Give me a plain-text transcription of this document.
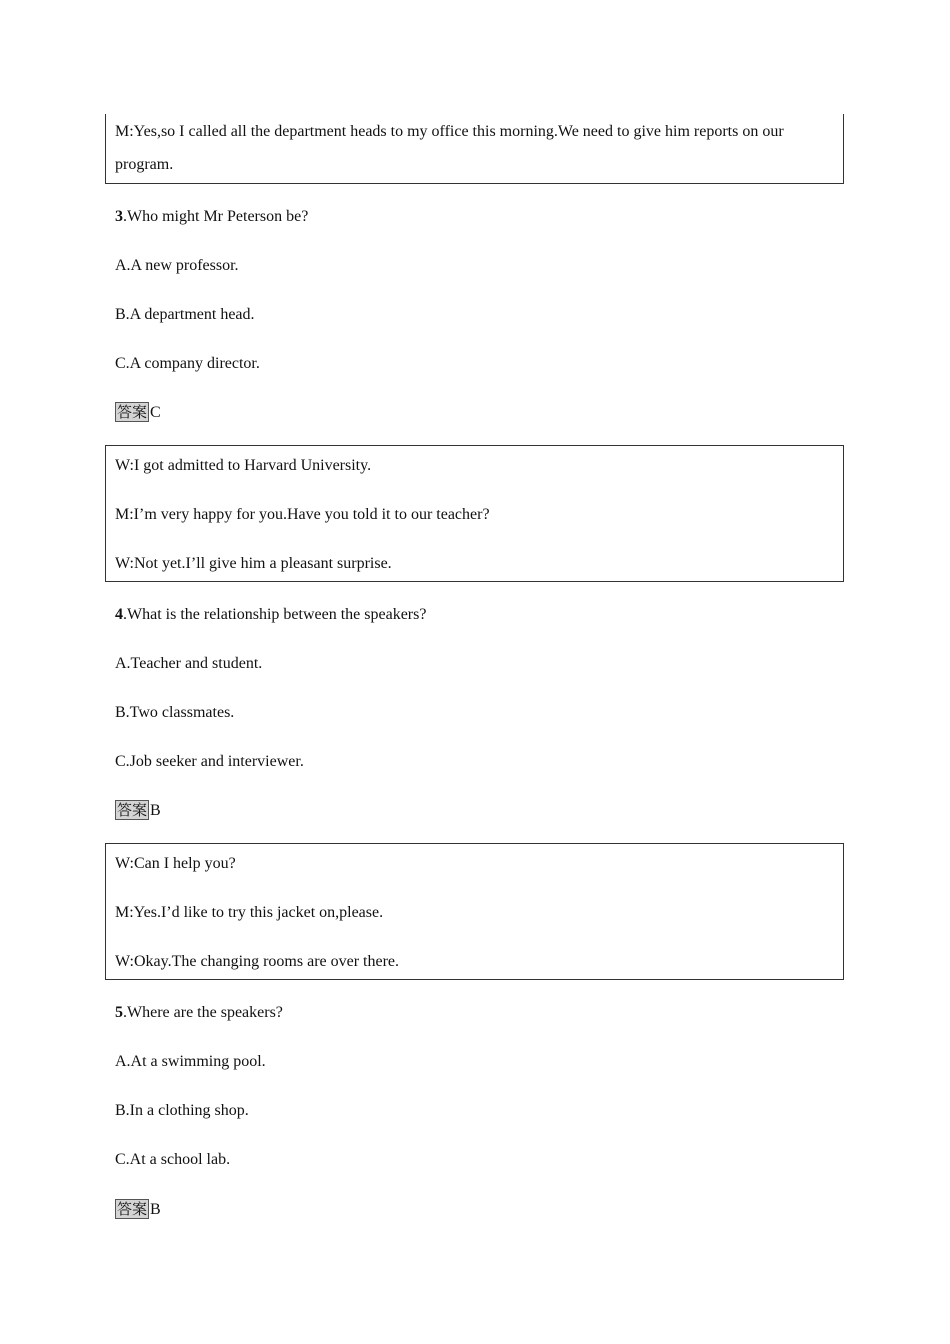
M:Yes,so I called all the department heads to my office this morning.We need to give him reports on our
program.
3.Who might Mr Peterson be?
A.A new professor.
B.A department head.
C.A company director.
答案 C
W:I got admitted to Harvard University.
M:I’m very happy for you.Have you told it to our teacher?
W:Not yet.I’ll give him a pleasant surprise.
4.What is the relationship between the speakers?
A.Teacher and student.
B.Two classmates.
C.Job seeker and interviewer.
答案 B
W:Can I help you?
M:Yes.I’d like to try this jacket on,please.
W:Okay.The changing rooms are over there.
5.Where are the speakers?
A.At a swimming pool.
B.In a clothing shop.
C.At a school lab.
答案 B
